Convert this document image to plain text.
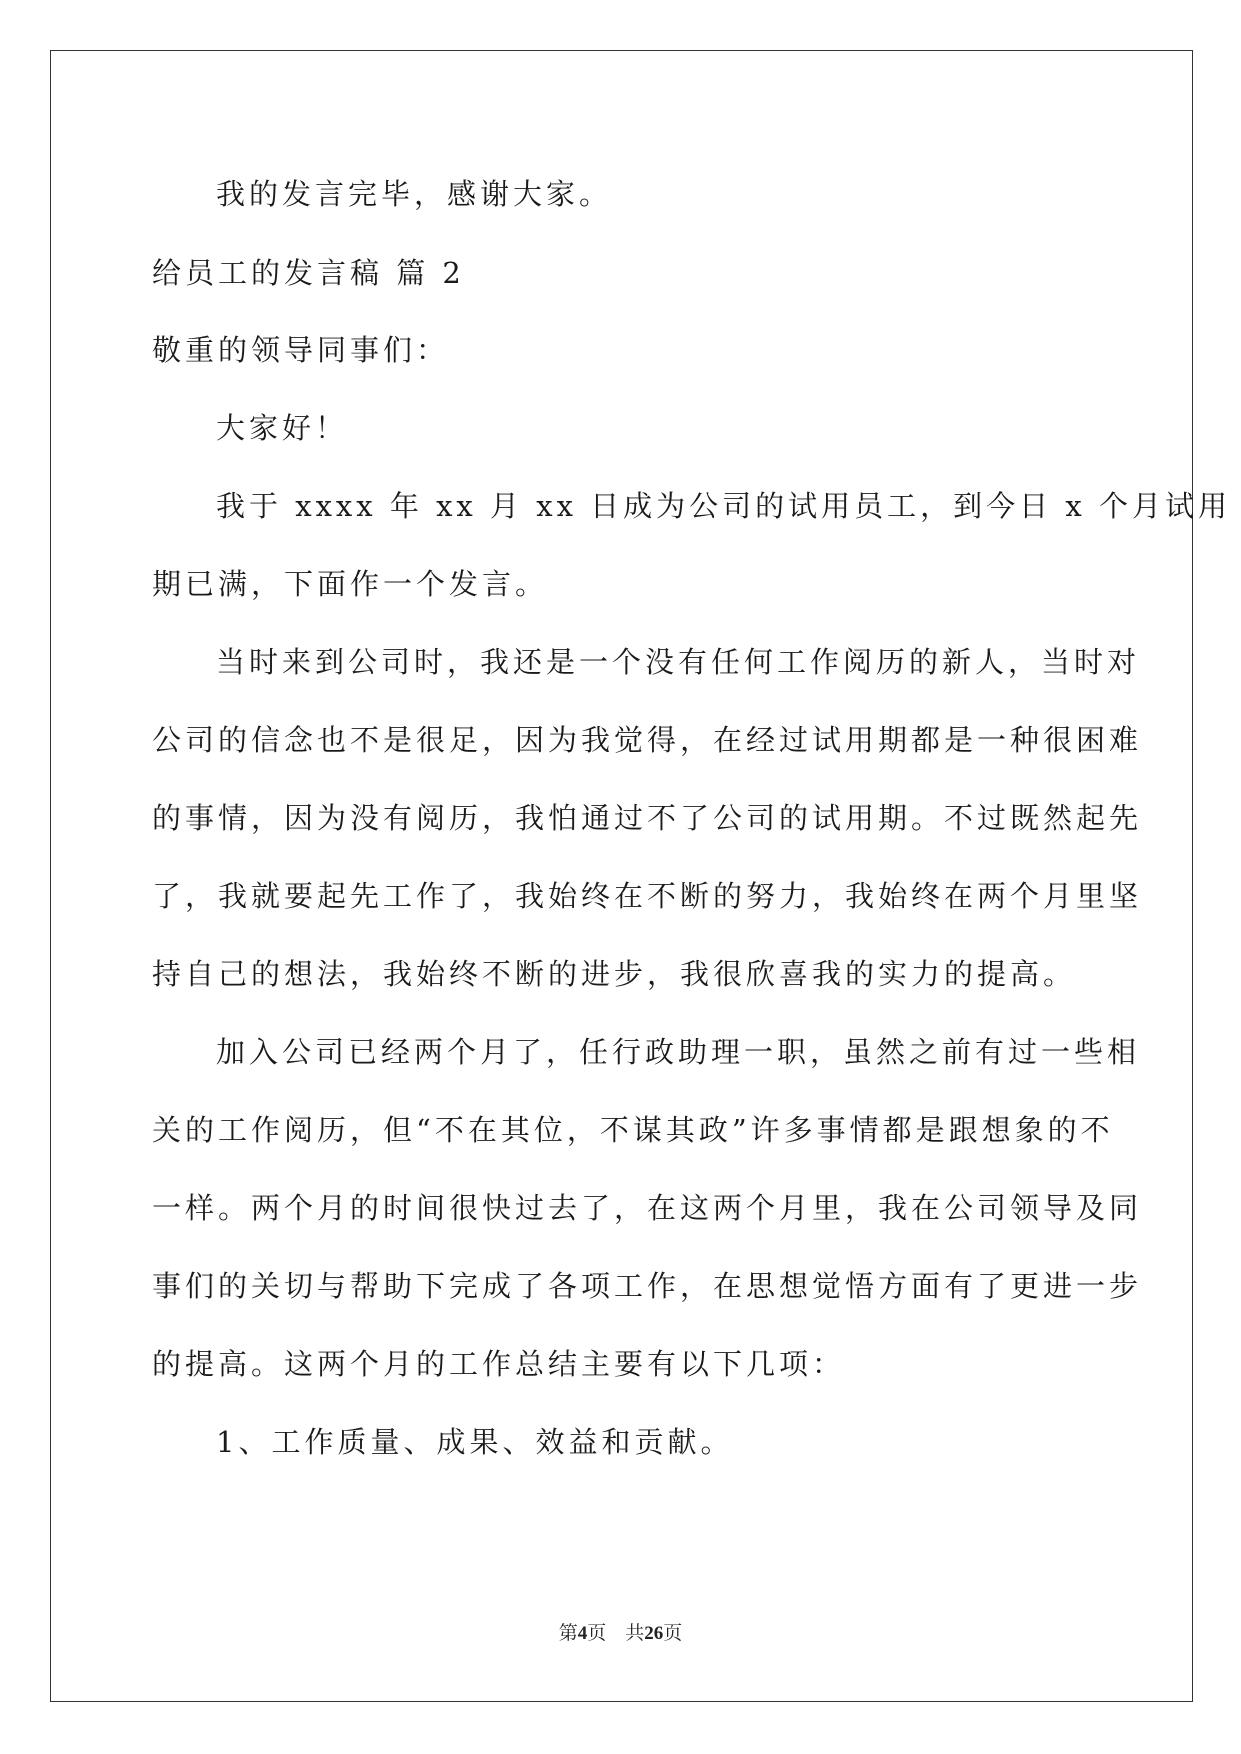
我的发言完毕，感谢大家。
给员工的发言稿 篇 2
敬重的领导同事们：
大家好！
我于 xxxx 年 xx 月 xx 日成为公司的试用员工，到今日 x 个月试用
期已满，下面作一个发言。
当时来到公司时，我还是一个没有任何工作阅历的新人，当时对
公司的信念也不是很足，因为我觉得，在经过试用期都是一种很困难
的事情，因为没有阅历，我怕通过不了公司的试用期。不过既然起先
了，我就要起先工作了，我始终在不断的努力，我始终在两个月里坚
持自己的想法，我始终不断的进步，我很欣喜我的实力的提高。
加入公司已经两个月了，任行政助理一职，虽然之前有过一些相
关的工作阅历，但“不在其位，不谋其政”许多事情都是跟想象的不
一样。两个月的时间很快过去了，在这两个月里，我在公司领导及同
事们的关切与帮助下完成了各项工作，在思想觉悟方面有了更进一步
的提高。这两个月的工作总结主要有以下几项：
1、工作质量、成果、效益和贡献。
第4页　共26页
